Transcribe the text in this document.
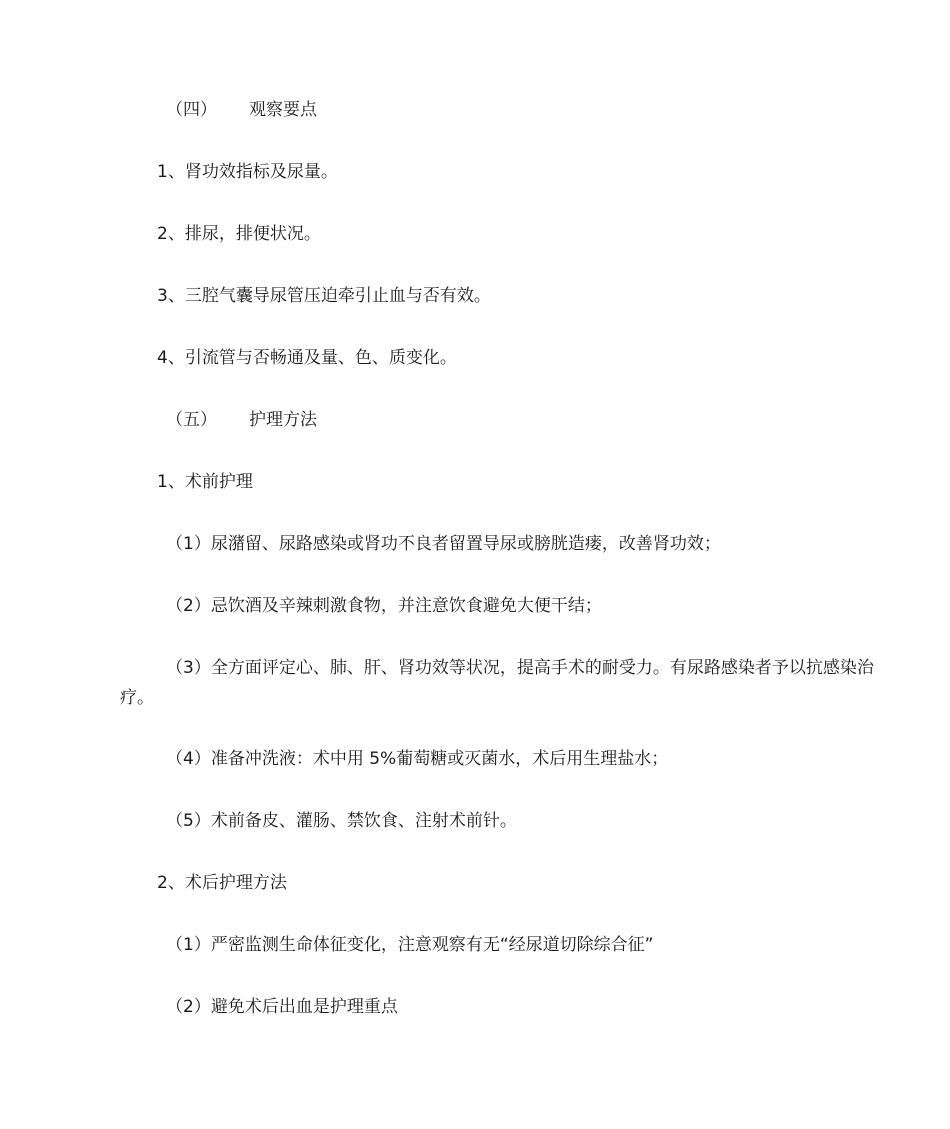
（四） 观察要点
1、肾功效指标及尿量。
2、排尿，排便状况。
3、三腔气囊导尿管压迫牵引止血与否有效。
4、引流管与否畅通及量、色、质变化。
（五） 护理方法
1、术前护理
（1）尿潴留、尿路感染或肾功不良者留置导尿或膀胱造瘘，改善肾功效；
（2）忌饮酒及辛辣刺激食物，并注意饮食避免大便干结；
（3）全方面评定心、肺、肝、肾功效等状况，提高手术的耐受力。有尿路感染者予以抗感染治疗。
（4）准备冲洗液：术中用 5%葡萄糖或灭菌水，术后用生理盐水；
（5）术前备皮、灌肠、禁饮食、注射术前针。
2、术后护理方法
（1）严密监测生命体征变化，注意观察有无“经尿道切除综合征”
（2）避免术后出血是护理重点
